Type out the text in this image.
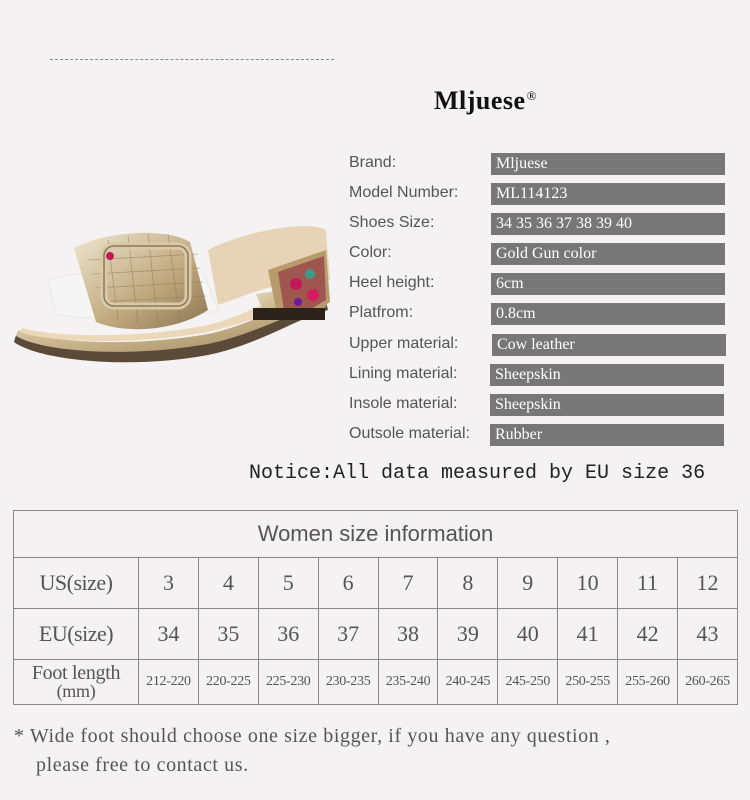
Mljuese®
Brand:	Mljuese
Model Number:	ML114123
Shoes Size:	34 35 36 37 38 39 40
Color:	Gold Gun color
Heel height:	6cm
Platfrom:	0.8cm
Upper material:	Cow leather
Lining material:	Sheepskin
Insole material:	Sheepskin
Outsole material:	Rubber
Notice:All data measured by EU size 36
Women size information										
US(size)	3	4	5	6	7	8	9	10	11	12
EU(size)	34	35	36	37	38	39	40	41	42	43
Foot length
(mm)	212-220	220-225	225-230	230-235	235-240	240-245	245-250	250-255	255-260	260-265
* Wide foot should choose one size bigger, if you have any question ,
please free to contact us.
